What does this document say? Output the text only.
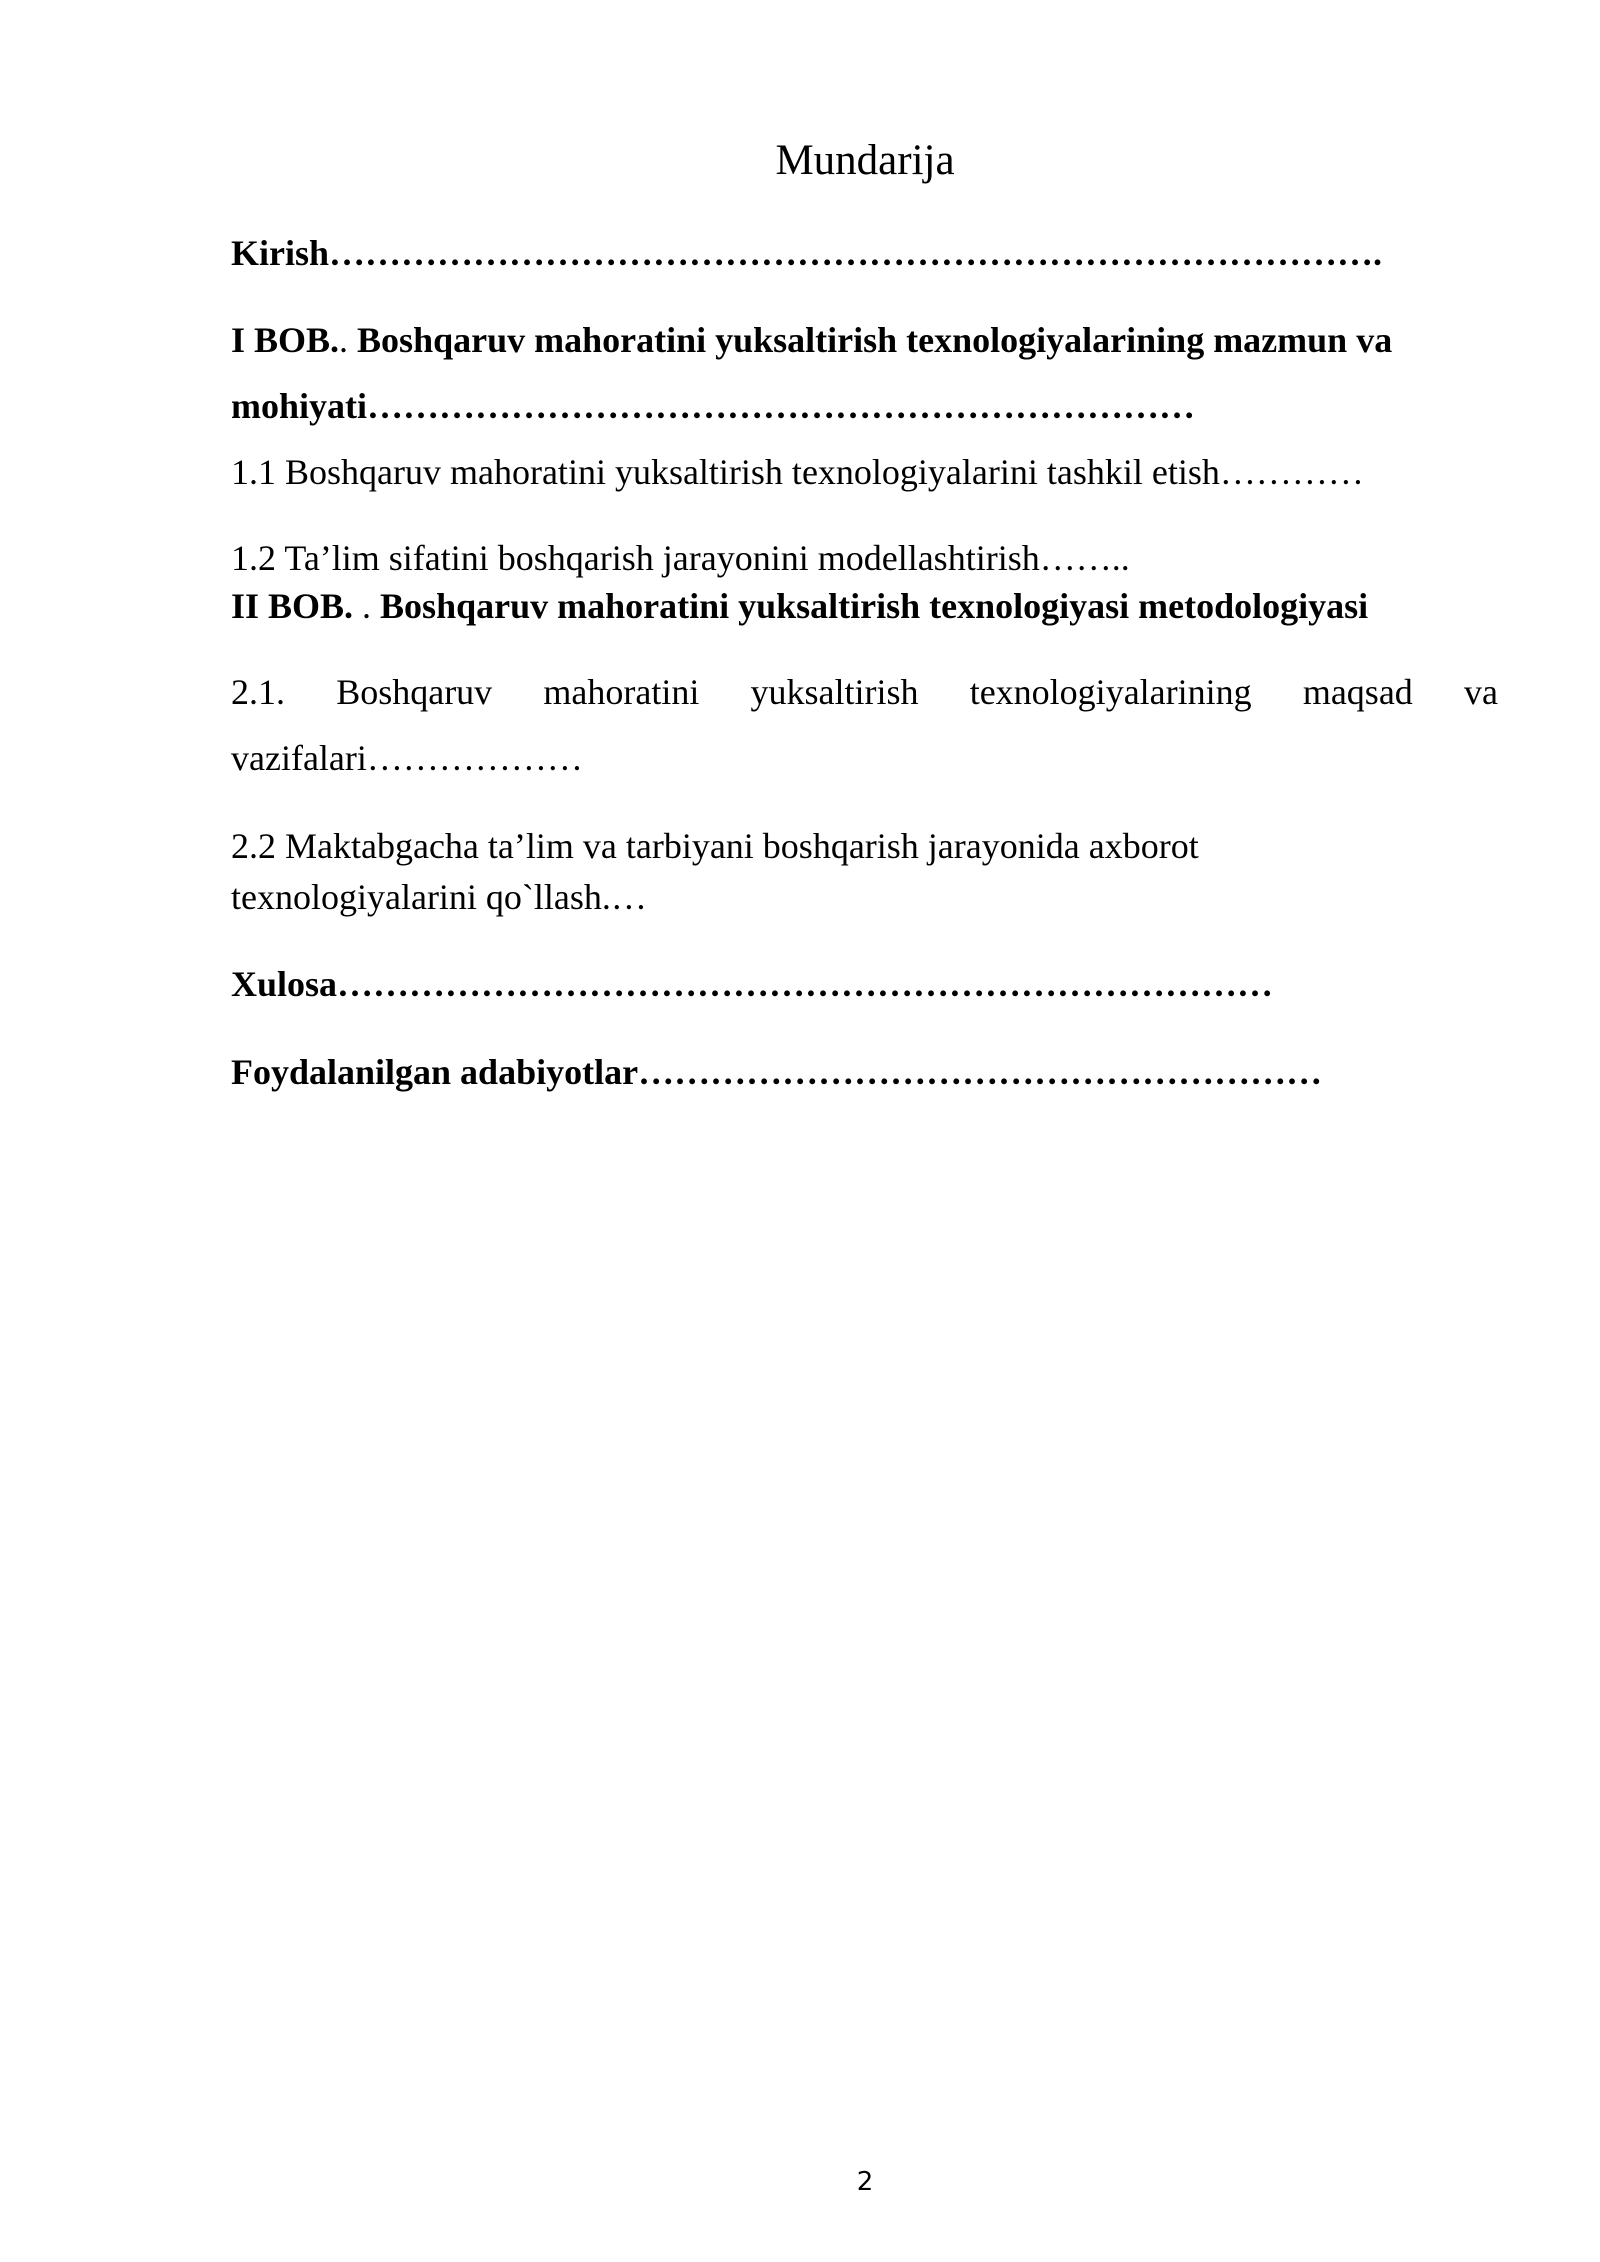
Mundarija
Kirish…………………………………………………………………………….
I BOB.. Boshqaruv mahoratini yuksaltirish texnologiyalarining mazmun va
mohiyati……………………………………………………………
1.1 Boshqaruv mahoratini yuksaltirish texnologiyalarini tashkil etish…………
1.2 Ta’lim sifatini boshqarish jarayonini modellashtirish……..
II BOB. . Boshqaruv mahoratini yuksaltirish texnologiyasi metodologiyasi
2.1. Boshqaruv mahoratini yuksaltirish texnologiyalarining maqsad va
vazifalari………………
2.2 Maktabgacha ta’lim va tarbiyani boshqarish jarayonida axborot
texnologiyalarini qo`llash.…
Xulosa……………………………………………………………………
Foydalanilgan adabiyotlar…………………………………………………
2
